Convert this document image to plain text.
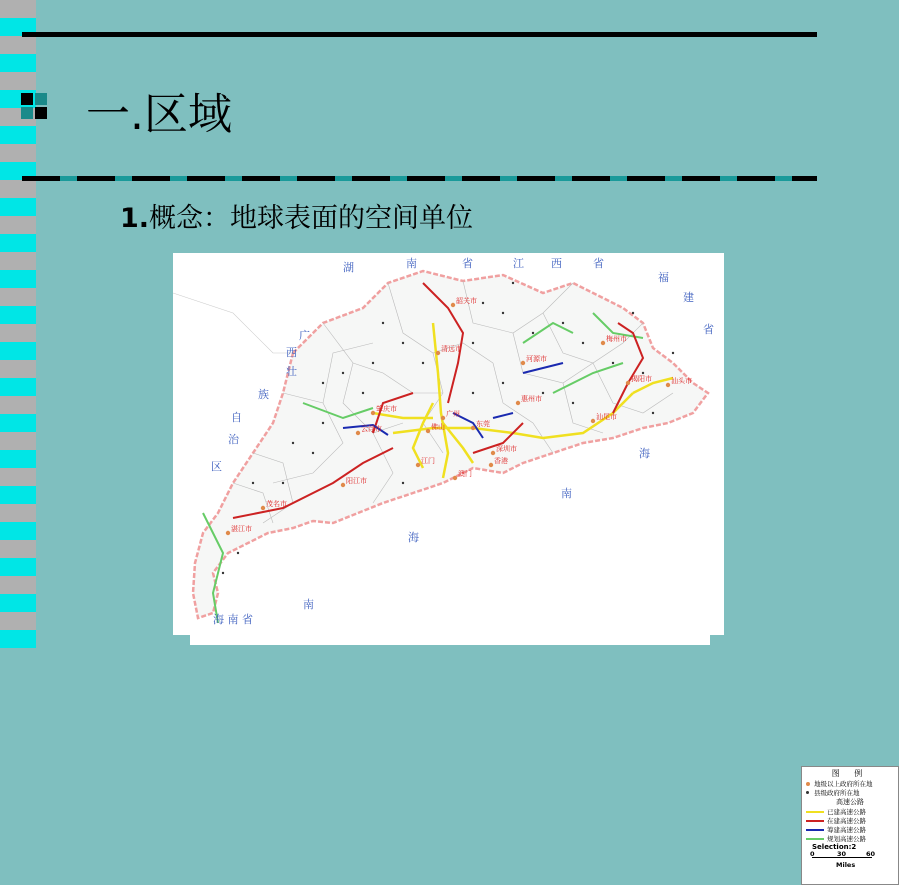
一.区域
1.概念：地球表面的空间单位
湖	南	省	江 西	省
福
建
省
广
西
壮
族
自
治
区
南
海
海
南
海 南 省
韶关市
清远市
肇庆市
云浮市
广州
佛山	东莞
惠州市
深圳市
香港
澳门
江门
阳江市
茂名市
湛江市
梅州市
揭阳市	汕头市
河源市
汕尾市
图 例
地级以上政府所在地
县级政府所在地
高速公路
已建高速公路
在建高速公路
筹建高速公路
规划高速公路
Selection:2
0	30	60
Miles
